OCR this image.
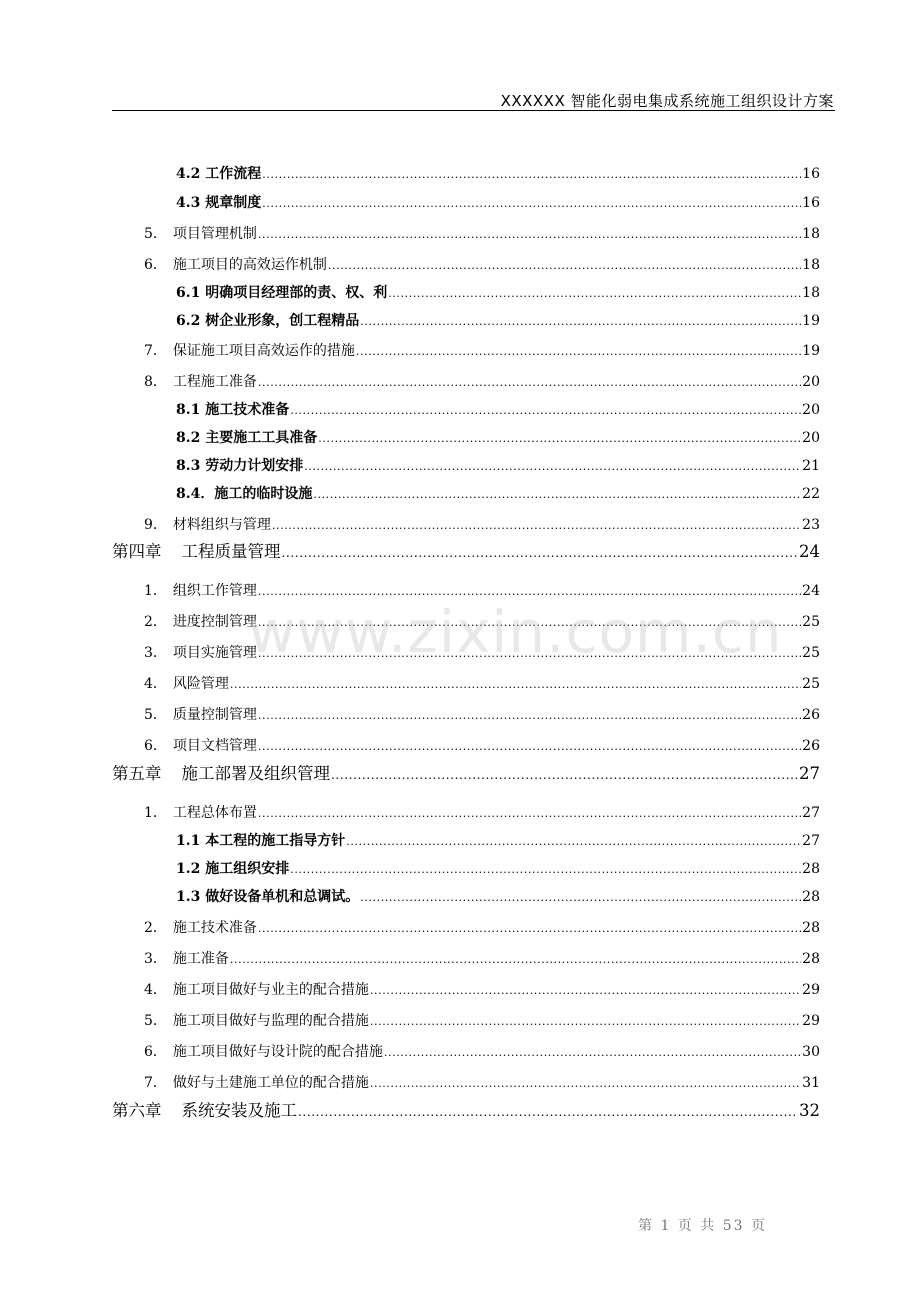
XXXXXX 智能化弱电集成系统施工组织设计方案
4.2 工作流程 .....	16
4.3 规章制度 .....	16
5． 项目管理机制 .....	18
6． 施工项目的高效运作机制 .....	18
6.1 明确项目经理部的责、权、利 .....	18
6.2 树企业形象，创工程精品 .....	19
7． 保证施工项目高效运作的措施 .....	19
8． 工程施工准备 .....	20
8.1 施工技术准备 .....	20
8.2 主要施工工具准备 .....	20
8.3 劳动力计划安排 .....	21
8.4．施工的临时设施 .....	22
9． 材料组织与管理 .....	23
第四章 工程质量管理 .....	24
1． 组织工作管理 .....	24
2． 进度控制管理 .....	25
3． 项目实施管理 .....	25
4． 风险管理 .....	25
5． 质量控制管理 .....	26
6． 项目文档管理 .....	26
第五章 施工部署及组织管理 .....	27
1． 工程总体布置 .....	27
1.1 本工程的施工指导方针 .....	27
1.2 施工组织安排 .....	28
1.3 做好设备单机和总调试。 .....	28
2． 施工技术准备 .....	28
3． 施工准备 .....	28
4． 施工项目做好与业主的配合措施 .....	29
5． 施工项目做好与监理的配合措施 .....	29
6． 施工项目做好与设计院的配合措施 .....	30
7． 做好与土建施工单位的配合措施 .....	31
第六章 系统安装及施工 .....	32
www.zixin.com.cn
第 1 页 共 53 页
